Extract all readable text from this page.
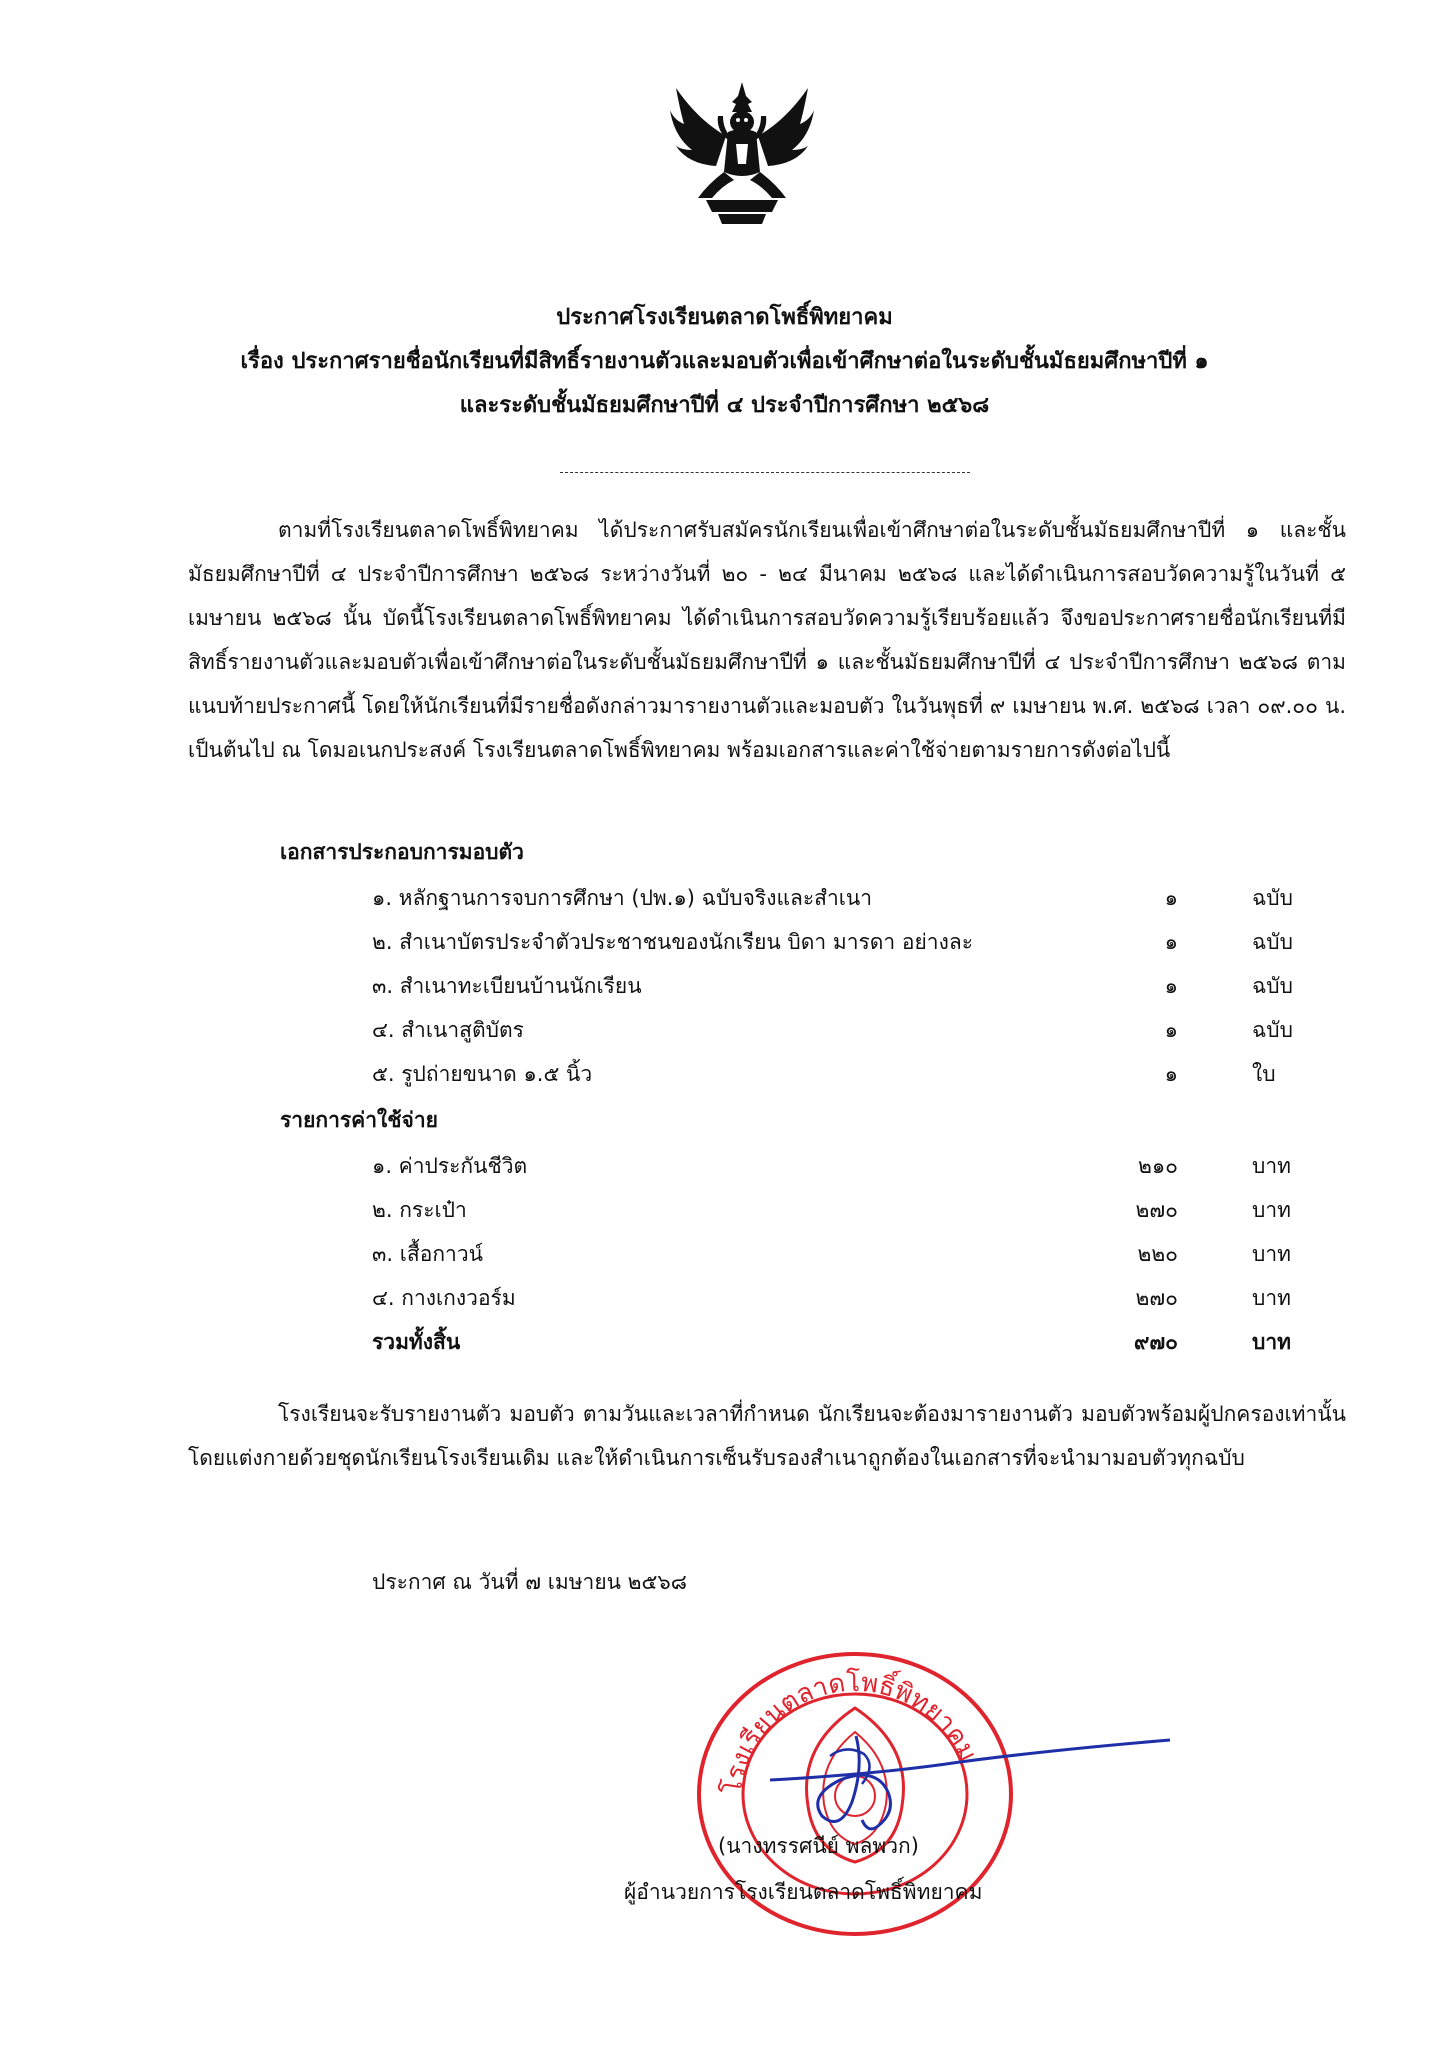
ประกาศโรงเรียนตลาดโพธิ์พิทยาคม
เรื่อง ประกาศรายชื่อนักเรียนที่มีสิทธิ์รายงานตัวและมอบตัวเพื่อเข้าศึกษาต่อในระดับชั้นมัธยมศึกษาปีที่ ๑
และระดับชั้นมัธยมศึกษาปีที่ ๔ ประจำปีการศึกษา ๒๕๖๘
ตามที่โรงเรียนตลาดโพธิ์พิทยาคม ได้ประกาศรับสมัครนักเรียนเพื่อเข้าศึกษาต่อในระดับชั้นมัธยมศึกษาปีที่ ๑ และชั้นมัธยมศึกษาปีที่ ๔ ประจำปีการศึกษา ๒๕๖๘ ระหว่างวันที่ ๒๐ - ๒๔ มีนาคม ๒๕๖๘ และได้ดำเนินการสอบวัดความรู้ในวันที่ ๕ เมษายน ๒๕๖๘ นั้น บัดนี้โรงเรียนตลาดโพธิ์พิทยาคม ได้ดำเนินการสอบวัดความรู้เรียบร้อยแล้ว จึงขอประกาศรายชื่อนักเรียนที่มีสิทธิ์รายงานตัวและมอบตัวเพื่อเข้าศึกษาต่อในระดับชั้นมัธยมศึกษาปีที่ ๑ และชั้นมัธยมศึกษาปีที่ ๔ ประจำปีการศึกษา ๒๕๖๘ ตามแนบท้ายประกาศนี้ โดยให้นักเรียนที่มีรายชื่อดังกล่าวมารายงานตัวและมอบตัว ในวันพุธที่ ๙ เมษายน พ.ศ. ๒๕๖๘ เวลา ๐๙.๐๐ น. เป็นต้นไป ณ โดมอเนกประสงค์ โรงเรียนตลาดโพธิ์พิทยาคม พร้อมเอกสารและค่าใช้จ่ายตามรายการดังต่อไปนี้
เอกสารประกอบการมอบตัว
๑. หลักฐานการจบการศึกษา (ปพ.๑) ฉบับจริงและสำเนา	๑	ฉบับ
๒. สำเนาบัตรประจำตัวประชาชนของนักเรียน บิดา มารดา อย่างละ	๑	ฉบับ
๓. สำเนาทะเบียนบ้านนักเรียน	๑	ฉบับ
๔. สำเนาสูติบัตร	๑	ฉบับ
๕. รูปถ่ายขนาด ๑.๕ นิ้ว	๑	ใบ
รายการค่าใช้จ่าย
๑. ค่าประกันชีวิต	๒๑๐	บาท
๒. กระเป๋า	๒๗๐	บาท
๓. เสื้อกาวน์	๒๒๐	บาท
๔. กางเกงวอร์ม	๒๗๐	บาท
รวมทั้งสิ้น	๙๗๐	บาท
โรงเรียนจะรับรายงานตัว มอบตัว ตามวันและเวลาที่กำหนด นักเรียนจะต้องมารายงานตัว มอบตัวพร้อมผู้ปกครองเท่านั้น โดยแต่งกายด้วยชุดนักเรียนโรงเรียนเดิม และให้ดำเนินการเซ็นรับรองสำเนาถูกต้องในเอกสารที่จะนำมามอบตัวทุกฉบับ
ประกาศ ณ วันที่ ๗ เมษายน ๒๕๖๘
โรงเรียนตลาดโพธิ์พิทยาคม
(นางทรรศนีย์ พลพวก)
ผู้อำนวยการโรงเรียนตลาดโพธิ์พิทยาคม
